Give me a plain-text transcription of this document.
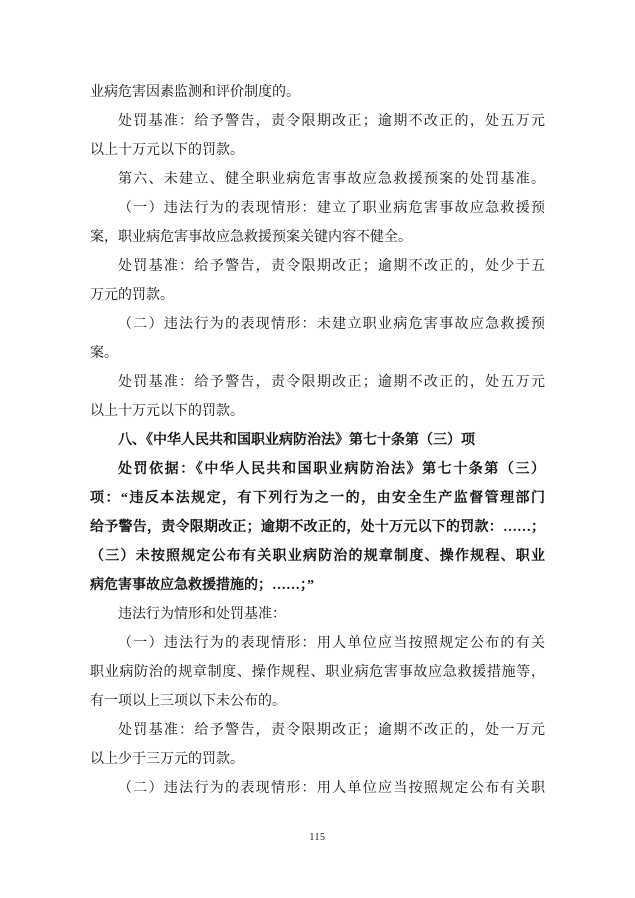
业病危害因素监测和评价制度的。
处罚基准：给予警告，责令限期改正；逾期不改正的，处五万元
以上十万元以下的罚款。
第六、未建立、健全职业病危害事故应急救援预案的处罚基准。
（一）违法行为的表现情形：建立了职业病危害事故应急救援预
案，职业病危害事故应急救援预案关键内容不健全。
处罚基准：给予警告，责令限期改正；逾期不改正的，处少于五
万元的罚款。
（二）违法行为的表现情形：未建立职业病危害事故应急救援预
案。
处罚基准：给予警告，责令限期改正；逾期不改正的，处五万元
以上十万元以下的罚款。
八、《中华人民共和国职业病防治法》第七十条第（三）项
处罚依据：《中华人民共和国职业病防治法》第七十条第（三）
项：“违反本法规定，有下列行为之一的，由安全生产监督管理部门
给予警告，责令限期改正；逾期不改正的，处十万元以下的罚款：……；
（三）未按照规定公布有关职业病防治的规章制度、操作规程、职业
病危害事故应急救援措施的；……；”
违法行为情形和处罚基准：
（一）违法行为的表现情形：用人单位应当按照规定公布的有关
职业病防治的规章制度、操作规程、职业病危害事故应急救援措施等，
有一项以上三项以下未公布的。
处罚基准：给予警告，责令限期改正；逾期不改正的，处一万元
以上少于三万元的罚款。
（二）违法行为的表现情形：用人单位应当按照规定公布有关职
115
